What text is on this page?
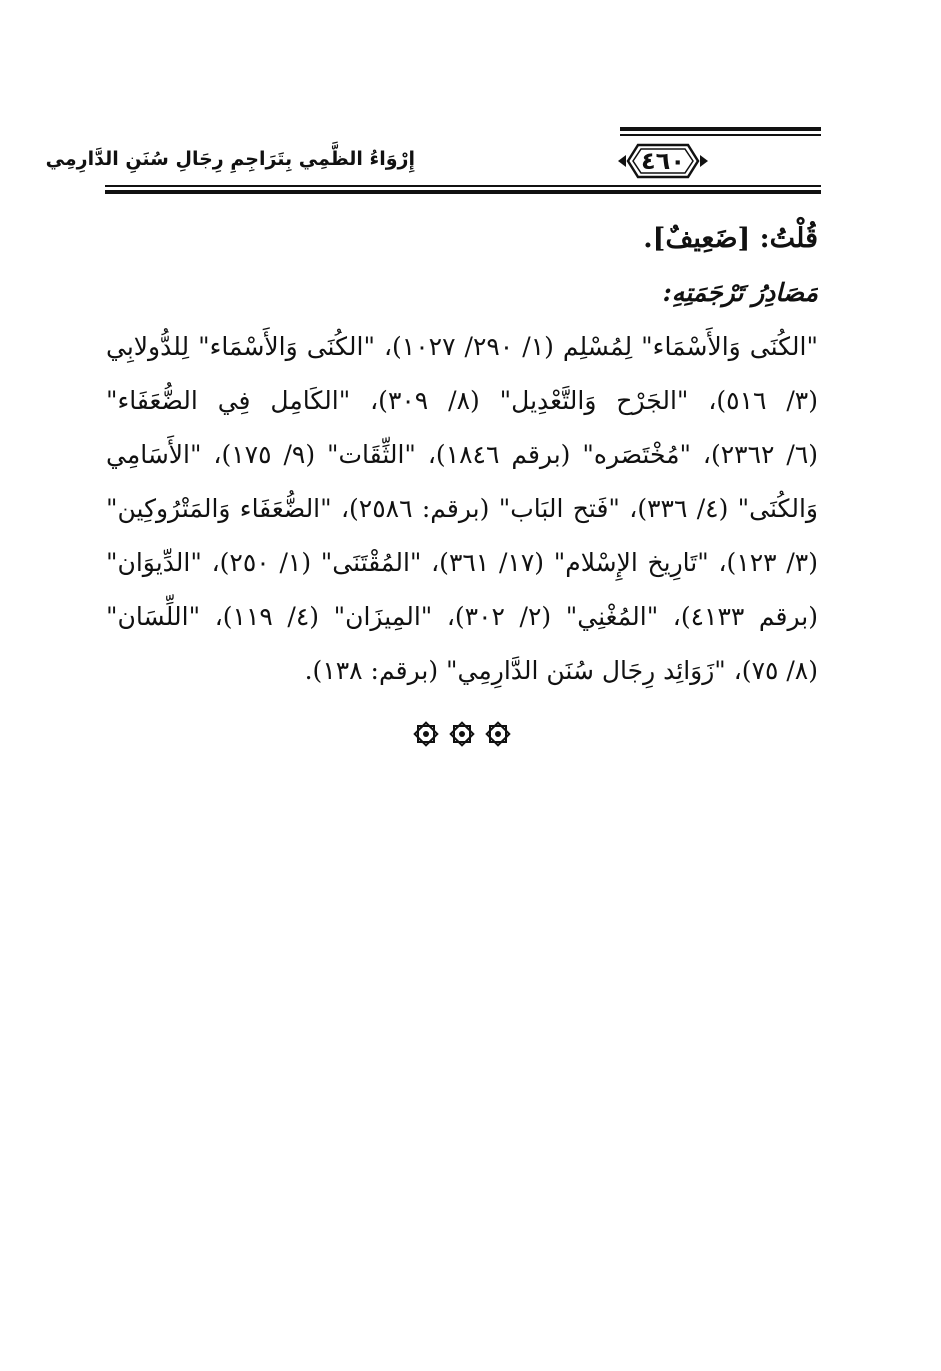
٤٦٠
إِرْوَاءُ الظَّمِي بِتَرَاجِمِ رِجَالِ سُنَنِ الدَّارِمِي
قُلْتُ: [ضَعِيفٌ].
مَصَادِرُ تَرْجَمَتِهِ:
"الكُنَى وَالأَسْمَاء" لِمُسْلِم (١/ ٢٩٠/ ١٠٢٧)، "الكُنَى وَالأَسْمَاء" لِلدُّولابِي
(٣/ ٥١٦)، "الجَرْح وَالتَّعْدِيل" (٨/ ٣٠٩)، "الكَامِل فِي الضُّعَفَاء"
(٦/ ٢٣٦٢)، "مُخْتَصَره" (برقم ١٨٤٦)، "الثِّقَات" (٩/ ١٧٥)، "الأَسَامِي
وَالكُنَى" (٤/ ٣٣٦)، "فَتح البَاب" (برقم: ٢٥٨٦)، "الضُّعَفَاء وَالمَتْرُوكِين"
(٣/ ١٢٣)، "تَارِيخ الإِسْلام" (١٧/ ٣٦١)، "المُقْتَنَى" (١/ ٢٥٠)، "الدِّيوَان"
(برقم ٤١٣٣)، "المُغْنِي" (٢/ ٣٠٢)، "المِيزَان" (٤/ ١١٩)، "اللِّسَان"
(٨/ ٧٥)، "زَوَائِد رِجَال سُنَن الدَّارِمِي" (برقم: ١٣٨).
